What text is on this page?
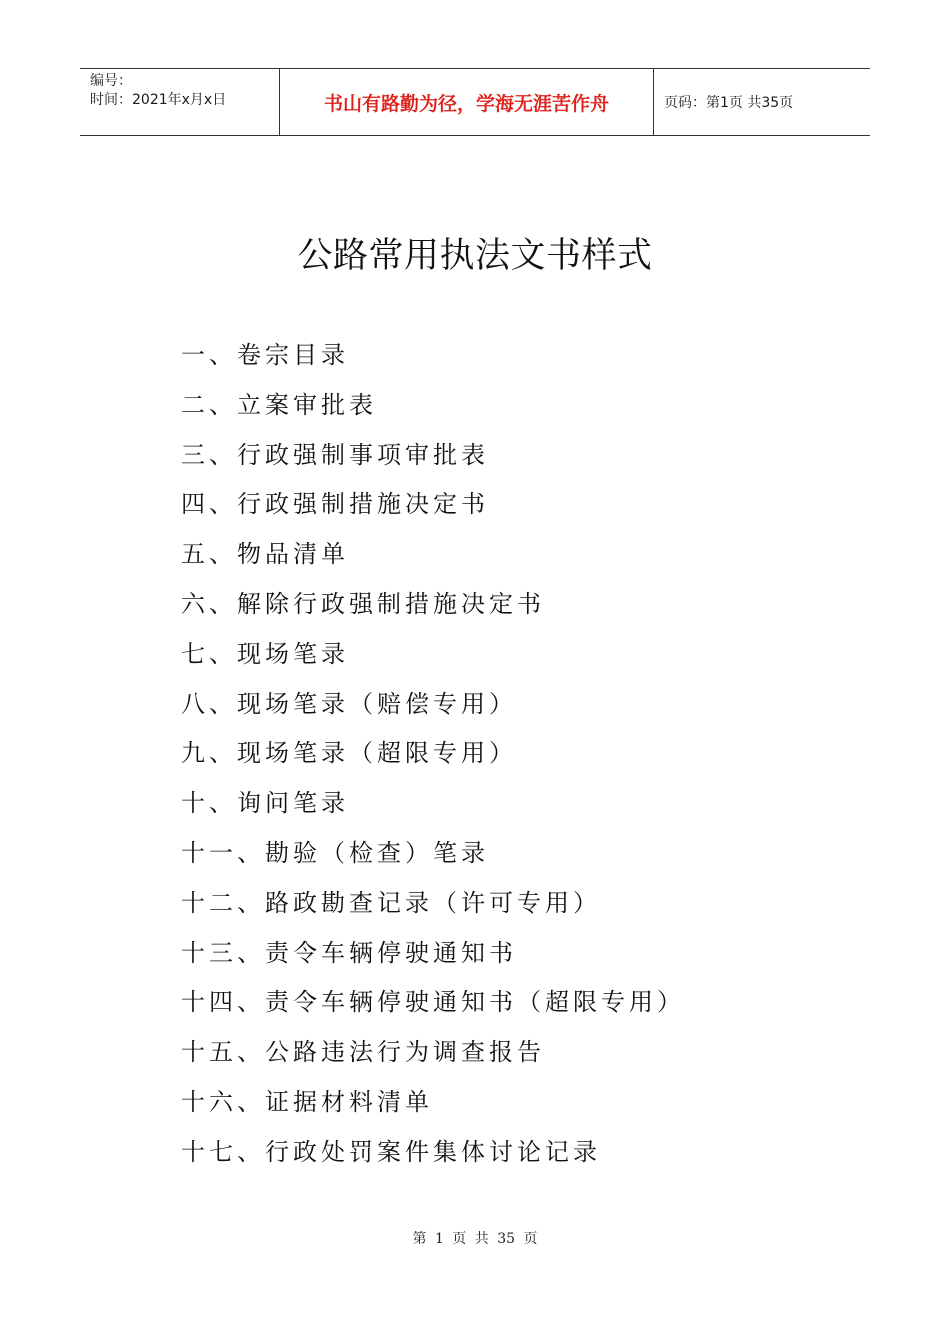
编号：
时间：2021年x月x日	书山有路勤为径，学海无涯苦作舟	页码：第1页 共35页
公路常用执法文书样式
一、卷宗目录
二、立案审批表
三、行政强制事项审批表
四、行政强制措施决定书
五、物品清单
六、解除行政强制措施决定书
七、现场笔录
八、现场笔录（赔偿专用）
九、现场笔录（超限专用）
十、询问笔录
十一、勘验（检查）笔录
十二、路政勘查记录（许可专用）
十三、责令车辆停驶通知书
十四、责令车辆停驶通知书（超限专用）
十五、公路违法行为调查报告
十六、证据材料清单
十七、行政处罚案件集体讨论记录
第 1 页 共 35 页
